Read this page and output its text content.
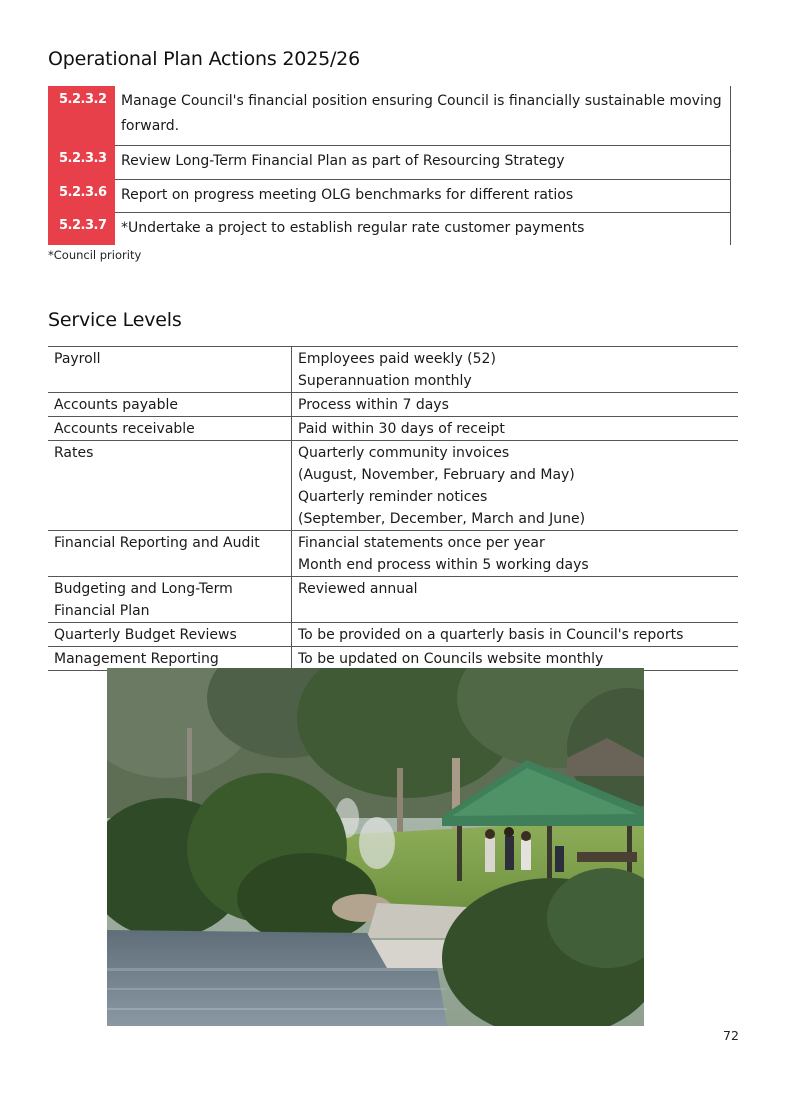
Operational Plan Actions 2025/26
5.2.3.2	Manage Council's financial position ensuring Council is financially sustainable moving forward.
5.2.3.3	Review Long-Term Financial Plan as part of Resourcing Strategy
5.2.3.6	Report on progress meeting OLG benchmarks for different ratios
5.2.3.7	*Undertake a project to establish regular rate customer payments
*Council priority
Service Levels
Payroll	Employees paid weekly (52)
Superannuation monthly

Accounts payable	Process within 7 days

Accounts receivable	Paid within 30 days of receipt

Rates	Quarterly community invoices
(August, November, February and May)
Quarterly reminder notices
(September, December, March and June)

Financial Reporting and Audit	Financial statements once per year
Month end process within 5 working days

Budgeting and Long-Term
Financial Plan	Reviewed annual

Quarterly Budget Reviews	To be provided on a quarterly basis in Council's reports

Management Reporting	To be updated on Councils website monthly
72
